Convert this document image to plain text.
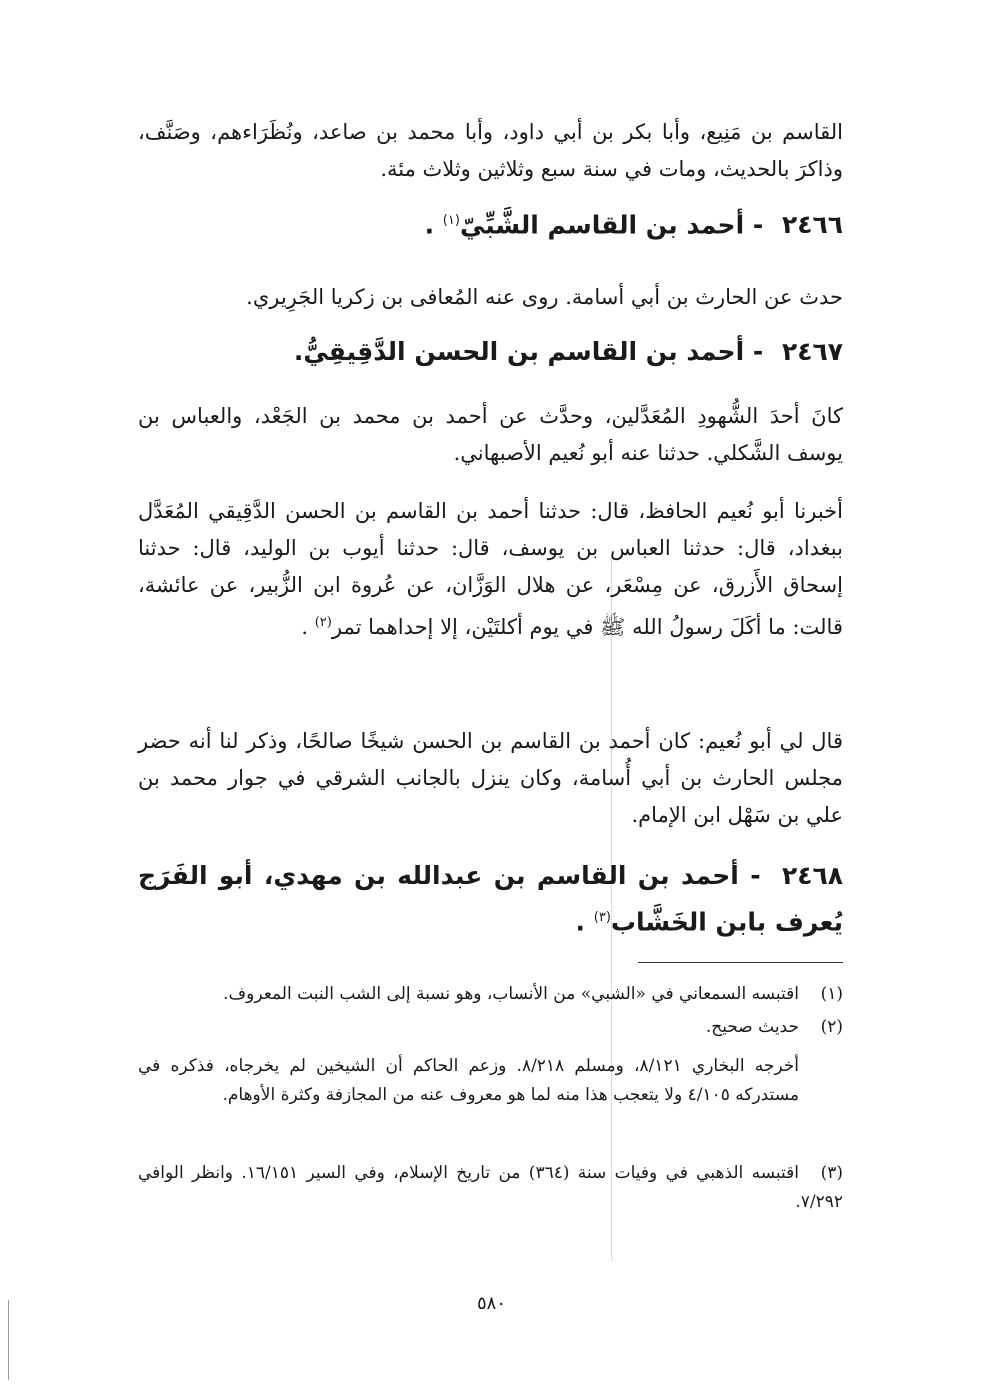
القاسم بن مَنِيع، وأبا بكر بن أبي داود، وأبا محمد بن صاعد، ونُظَرَاءهم، وصَنَّف، وذاكرَ بالحديث، ومات في سنة سبع وثلاثين وثلاث مئة.

٢٤٦٦ - أحمد بن القاسم الشَّبِّيّ$^{(١)}$ .

حدث عن الحارث بن أبي أسامة. روى عنه المُعافى بن زكريا الجَرِيري.

٢٤٦٧ - أحمد بن القاسم بن الحسن الدَّقِيقِيُّ.

كانَ أحدَ الشُّهودِ المُعَدَّلين، وحدَّث عن أحمد بن محمد بن الجَعْد، والعباس بن يوسف الشَّكلي. حدثنا عنه أبو نُعيم الأصبهاني.

أخبرنا أبو نُعيم الحافظ، قال: حدثنا أحمد بن القاسم بن الحسن الدَّقِيقي المُعَدَّل ببغداد، قال: حدثنا العباس بن يوسف، قال: حدثنا أيوب بن الوليد، قال: حدثنا إسحاق الأَزرق، عن مِسْعَر، عن هلال الوَزَّان، عن عُروة ابن الزُّبير، عن عائشة، قالت: ما أكَلَ رسولُ الله ﷺ في يوم أكلتَيْن، إلا إحداهما تمر$^{(٢)}$ .

قال لي أبو نُعيم: كان أحمد بن القاسم بن الحسن شيخًا صالحًا، وذكر لنا أنه حضر مجلس الحارث بن أبي أُسامة، وكان ينزل بالجانب الشرقي في جوار محمد بن علي بن سَهْل ابن الإمام.

٢٤٦٨ - أحمد بن القاسم بن عبدالله بن مهدي، أبو الفَرَج يُعرف بابن الخَشَّاب$^{(٣)}$ .

(١)اقتبسه السمعاني في «الشبي» من الأنساب، وهو نسبة إلى الشب النبت المعروف.
(٢)حديث صحيح.
أخرجه البخاري ٨/١٢١، ومسلم ٨/٢١٨. وزعم الحاكم أن الشيخين لم يخرجاه، فذكره في مستدركه ٤/١٠٥ ولا يتعجب هذا منه لما هو معروف عنه من المجازفة وكثرة الأوهام.
(٣)اقتبسه الذهبي في وفيات سنة (٣٦٤) من تاريخ الإسلام، وفي السير ١٦/١٥١. وانظر الوافي ٧/٢٩٢.
٥٨٠
